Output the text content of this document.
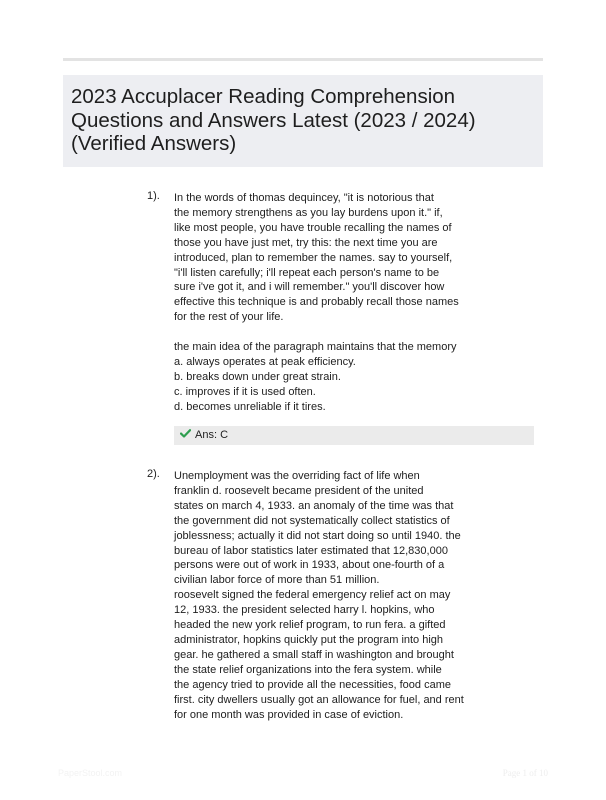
2023 Accuplacer Reading Comprehension
Questions and Answers Latest (2023 / 2024)
(Verified Answers)
1). In the words of thomas dequincey, "it is notorious that
the memory strengthens as you lay burdens upon it." if,
like most people, you have trouble recalling the names of
those you have just met, try this: the next time you are
introduced, plan to remember the names. say to yourself,
"i'll listen carefully; i'll repeat each person's name to be
sure i've got it, and i will remember." you'll discover how
effective this technique is and probably recall those names
for the rest of your life.
the main idea of the paragraph maintains that the memory
a. always operates at peak efficiency.
b. breaks down under great strain.
c. improves if it is used often.
d. becomes unreliable if it tires.
Ans: C
2). Unemployment was the overriding fact of life when
franklin d. roosevelt became president of the united
states on march 4, 1933. an anomaly of the time was that
the government did not systematically collect statistics of
joblessness; actually it did not start doing so until 1940. the
bureau of labor statistics later estimated that 12,830,000
persons were out of work in 1933, about one-fourth of a
civilian labor force of more than 51 million.
roosevelt signed the federal emergency relief act on may
12, 1933. the president selected harry l. hopkins, who
headed the new york relief program, to run fera. a gifted
administrator, hopkins quickly put the program into high
gear. he gathered a small staff in washington and brought
the state relief organizations into the fera system. while
the agency tried to provide all the necessities, food came
first. city dwellers usually got an allowance for fuel, and rent
for one month was provided in case of eviction.
PaperStool.com	Page 1 of 10
